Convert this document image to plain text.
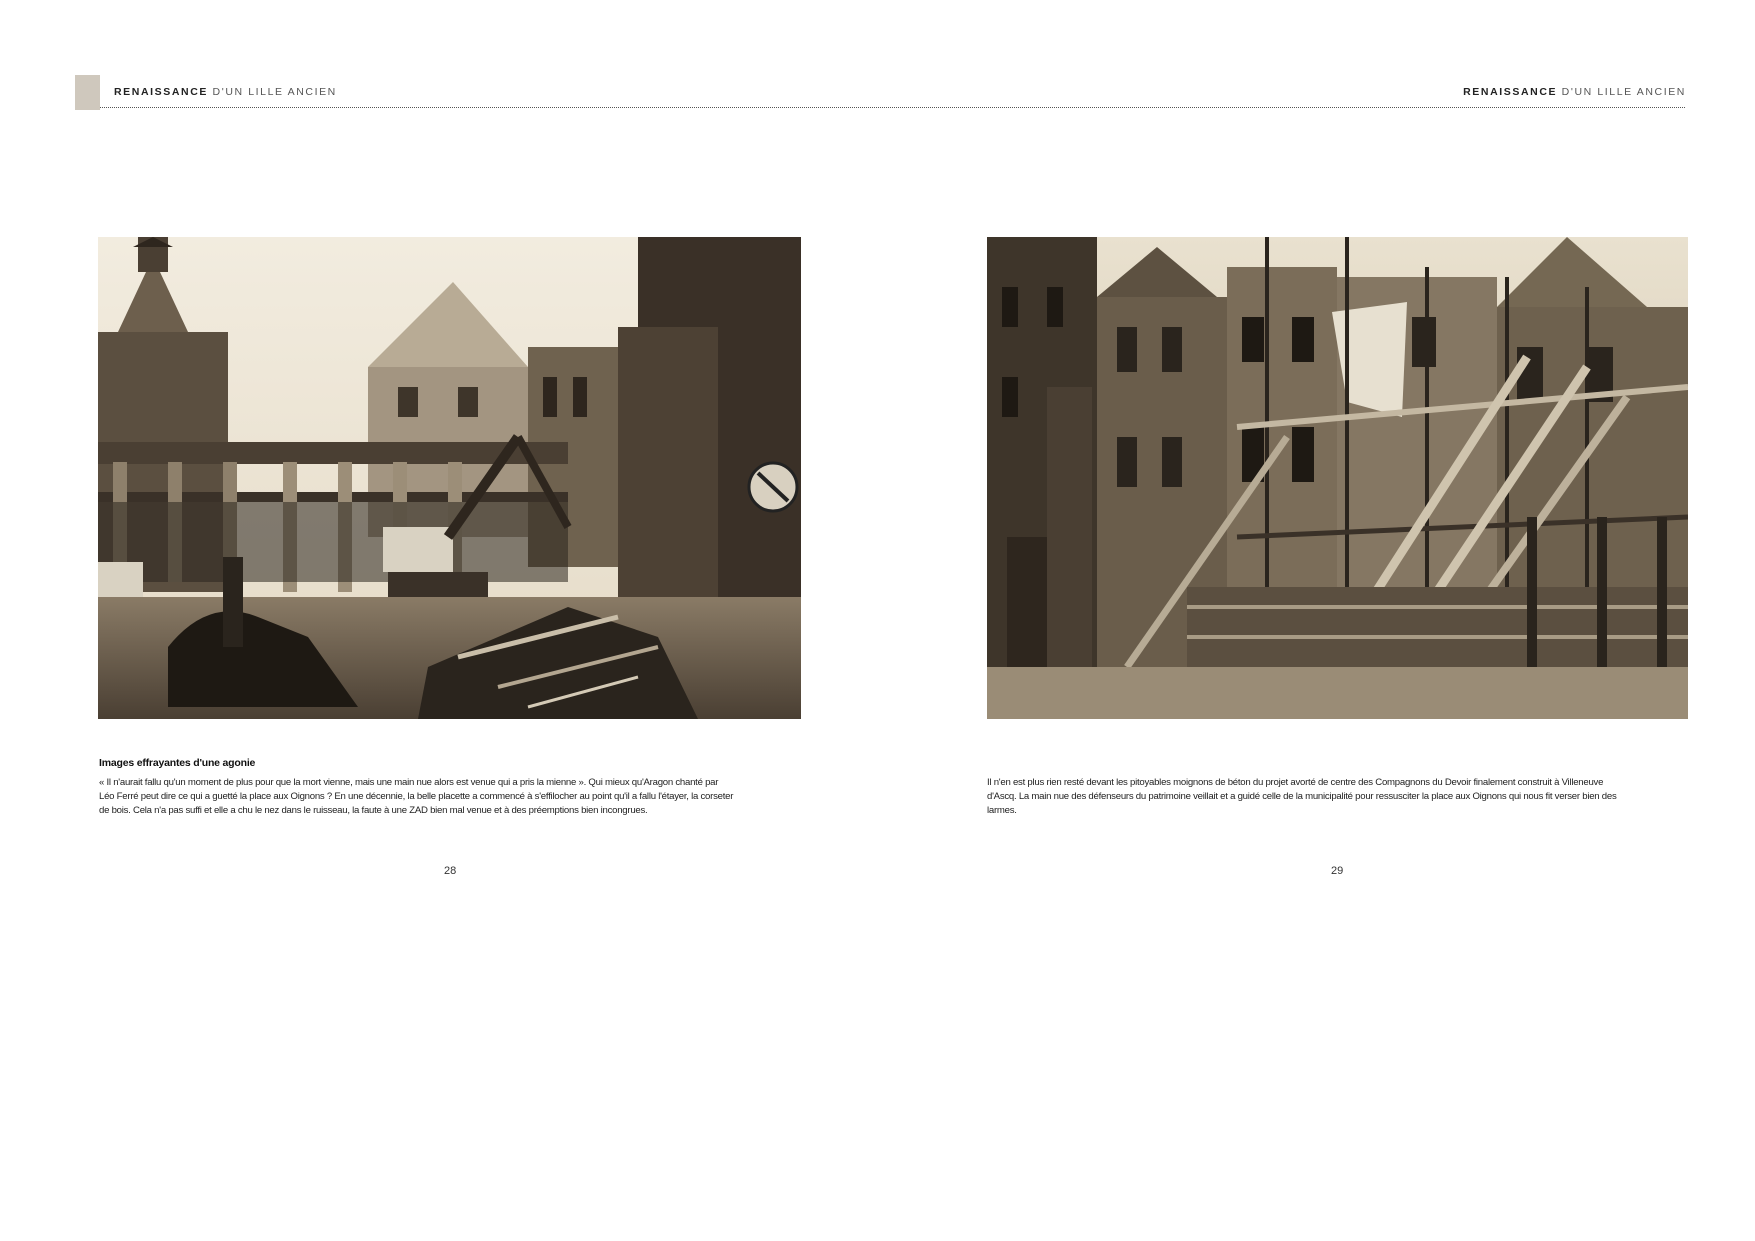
RENAISSANCE D'UN LILLE ANCIEN	RENAISSANCE D'UN LILLE ANCIEN
Images effrayantes d'une agonie
« Il n'aurait fallu qu'un moment de plus pour que la mort vienne, mais une main nue alors est venue qui a pris la mienne ». Qui mieux qu'Aragon chanté par
Léo Ferré peut dire ce qui a guetté la place aux Oignons ? En une décennie, la belle placette a commencé à s'effilocher au point qu'il a fallu l'étayer, la corseter
de bois. Cela n'a pas suffi et elle a chu le nez dans le ruisseau, la faute à une ZAD bien mal venue et à des préemptions bien incongrues.
Il n'en est plus rien resté devant les pitoyables moignons de béton du projet avorté de centre des Compagnons du Devoir finalement construit à Villeneuve
d'Ascq. La main nue des défenseurs du patrimoine veillait et a guidé celle de la municipalité pour ressusciter la place aux Oignons qui nous fit verser bien des
larmes.
28	29
